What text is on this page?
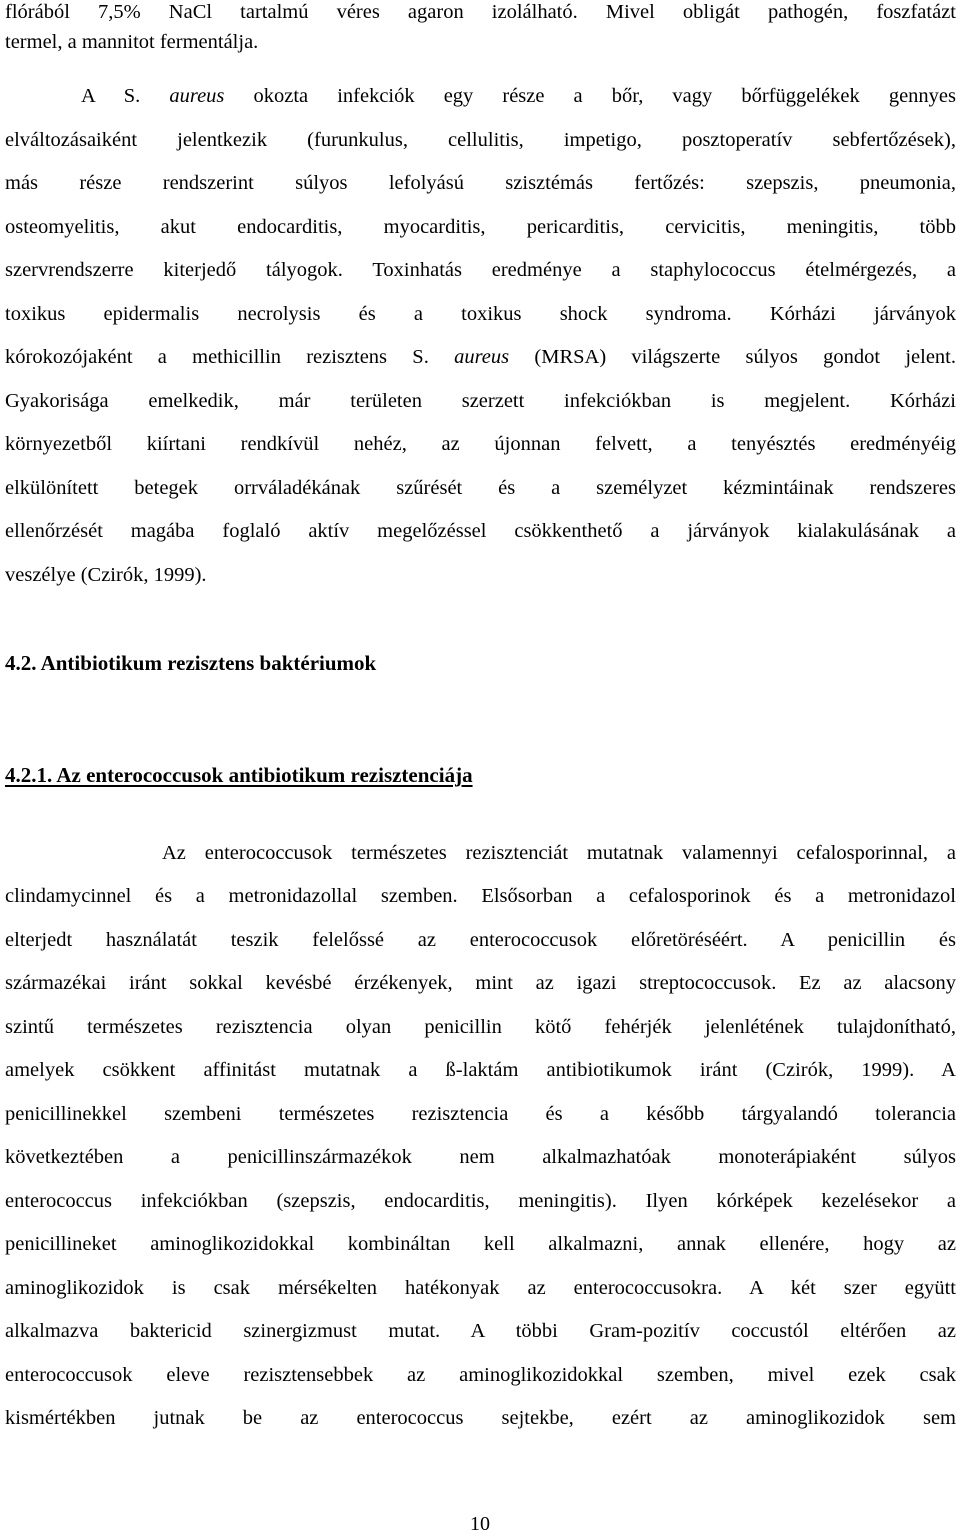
flórából 7,5% NaCl tartalmú véres agaron izolálható. Mivel obligát pathogén, foszfatázt
termel, a mannitot fermentálja.
A S. aureus okozta infekciók egy része a bőr, vagy bőrfüggelékek gennyes
elváltozásaiként jelentkezik (furunkulus, cellulitis, impetigo, posztoperatív sebfertőzések),
más része rendszerint súlyos lefolyású szisztémás fertőzés: szepszis, pneumonia,
osteomyelitis, akut endocarditis, myocarditis, pericarditis, cervicitis, meningitis, több
szervrendszerre kiterjedő tályogok. Toxinhatás eredménye a staphylococcus ételmérgezés, a
toxikus epidermalis necrolysis és a toxikus shock syndroma. Kórházi járványok
kórokozójaként a methicillin rezisztens S. aureus (MRSA) világszerte súlyos gondot jelent.
Gyakorisága emelkedik, már területen szerzett infekciókban is megjelent. Kórházi
környezetből kiírtani rendkívül nehéz, az újonnan felvett, a tenyésztés eredményéig
elkülönített betegek orrváladékának szűrését és a személyzet kézmintáinak rendszeres
ellenőrzését magába foglaló aktív megelőzéssel csökkenthető a járványok kialakulásának a
veszélye (Czirók, 1999).
4.2. Antibiotikum rezisztens baktériumok
4.2.1. Az enterococcusok antibiotikum rezisztenciája
Az enterococcusok természetes rezisztenciát mutatnak valamennyi cefalosporinnal, a
clindamycinnel és a metronidazollal szemben. Elsősorban a cefalosporinok és a metronidazol
elterjedt használatát teszik felelőssé az enterococcusok előretöréséért. A penicillin és
származékai iránt sokkal kevésbé érzékenyek, mint az igazi streptococcusok. Ez az alacsony
szintű természetes rezisztencia olyan penicillin kötő fehérjék jelenlétének tulajdonítható,
amelyek csökkent affinitást mutatnak a ß-laktám antibiotikumok iránt (Czirók, 1999). A
penicillinekkel szembeni természetes rezisztencia és a később tárgyalandó tolerancia
következtében a penicillinszármazékok nem alkalmazhatóak monoterápiaként súlyos
enterococcus infekciókban (szepszis, endocarditis, meningitis). Ilyen kórképek kezelésekor a
penicillineket aminoglikozidokkal kombináltan kell alkalmazni, annak ellenére, hogy az
aminoglikozidok is csak mérsékelten hatékonyak az enterococcusokra. A két szer együtt
alkalmazva baktericid szinergizmust mutat. A többi Gram-pozitív coccustól eltérően az
enterococcusok eleve rezisztensebbek az aminoglikozidokkal szemben, mivel ezek csak
kismértékben jutnak be az enterococcus sejtekbe, ezért az aminoglikozidok sem
10
